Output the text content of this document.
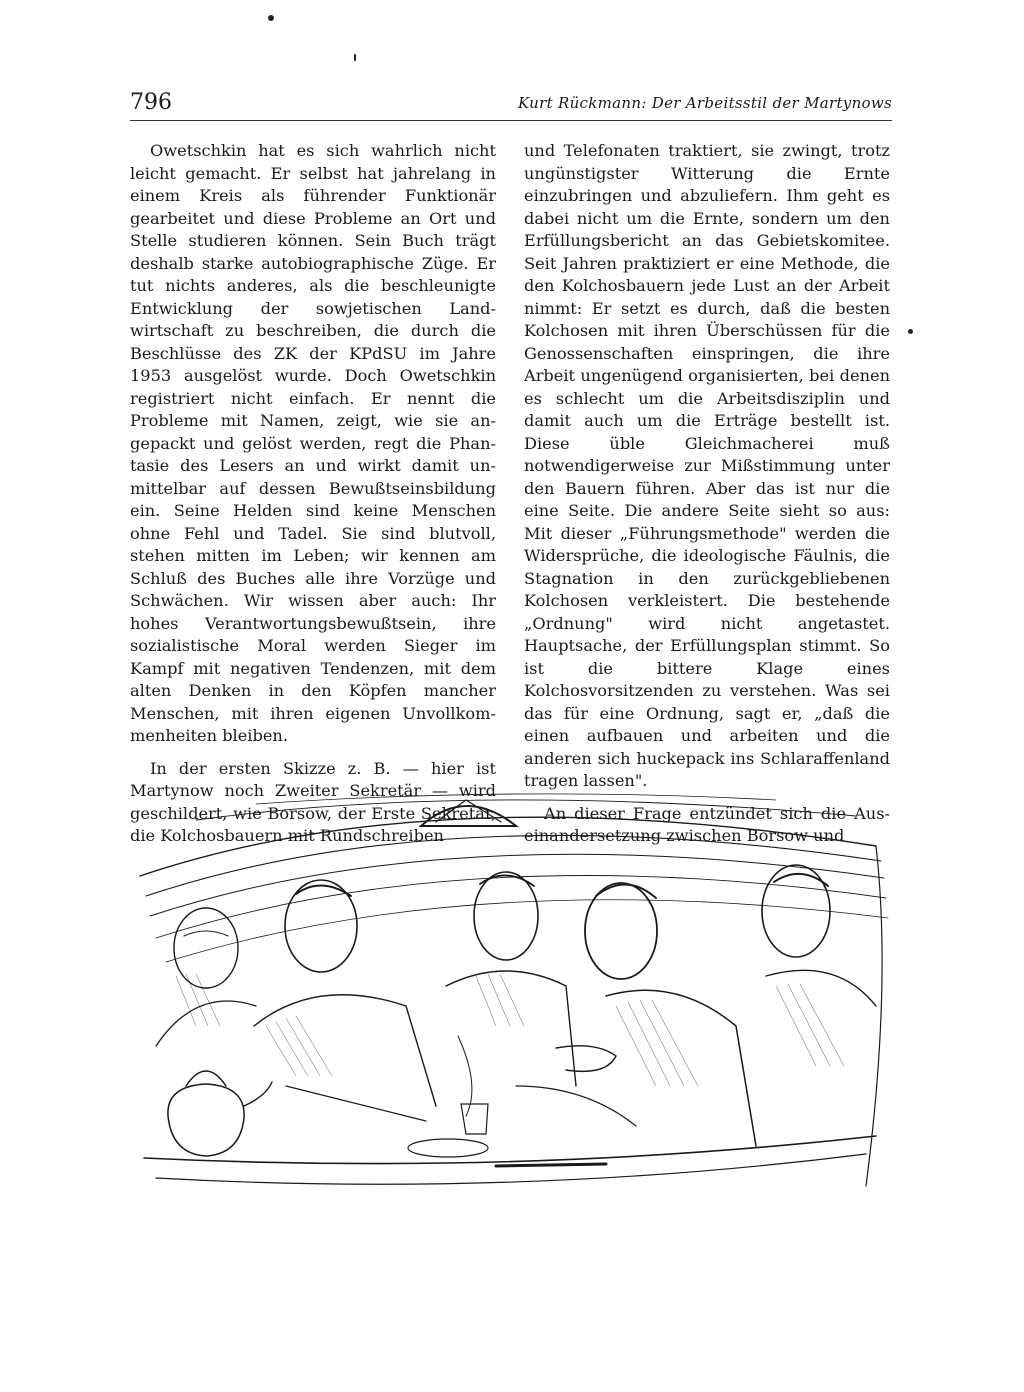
796	Kurt Rückmann: Der Arbeitsstil der Martynows

Owetschkin hat es sich wahrlich nicht leicht gemacht. Er selbst hat jahrelang in einem Kreis als führender Funktionär gearbeitet und diese Probleme an Ort und Stelle studieren können. Sein Buch trägt deshalb starke autobiographische Züge. Er tut nichts anderes, als die beschleunigte Entwicklung der sowjetischen Landwirtschaft zu beschreiben, die durch die Beschlüsse des ZK der KPdSU im Jahre 1953 ausgelöst wurde. Doch Owetschkin registriert nicht einfach. Er nennt die Probleme mit Namen, zeigt, wie sie angepackt und gelöst werden, regt die Phantasie des Lesers an und wirkt damit unmittelbar auf dessen Bewußtseinsbildung ein. Seine Helden sind keine Menschen ohne Fehl und Tadel. Sie sind blutvoll, stehen mitten im Leben; wir kennen am Schluß des Buches alle ihre Vorzüge und Schwächen. Wir wissen aber auch: Ihr hohes Verantwortungsbewußtsein, ihre sozialistische Moral werden Sieger im Kampf mit negativen Tendenzen, mit dem alten Denken in den Köpfen mancher Menschen, mit ihren eigenen Unvollkommenheiten bleiben.

In der ersten Skizze z. B. — hier ist Martynow noch Zweiter Sekretär — wird geschildert, wie Borsow, der Erste Sekretär, die Kolchosbauern mit Rundschreiben

und Telefonaten traktiert, sie zwingt, trotz ungünstigster Witterung die Ernte einzubringen und abzuliefern. Ihm geht es dabei nicht um die Ernte, sondern um den Erfüllungsbericht an das Gebietskomitee. Seit Jahren praktiziert er eine Methode, die den Kolchosbauern jede Lust an der Arbeit nimmt: Er setzt es durch, daß die besten Kolchosen mit ihren Überschüssen für die Genossenschaften einspringen, die ihre Arbeit ungenügend organisierten, bei denen es schlecht um die Arbeitsdisziplin und damit auch um die Erträge bestellt ist. Diese üble Gleichmacherei muß notwendigerweise zur Mißstimmung unter den Bauern führen. Aber das ist nur die eine Seite. Die andere Seite sieht so aus: Mit dieser „Führungsmethode" werden die Widersprüche, die ideologische Fäulnis, die Stagnation in den zurückgebliebenen Kolchosen verkleistert. Die bestehende „Ordnung" wird nicht angetastet. Hauptsache, der Erfüllungsplan stimmt. So ist die bittere Klage eines Kolchosvorsitzenden zu verstehen. Was sei das für eine Ordnung, sagt er, „daß die einen aufbauen und arbeiten und die anderen sich huckepack ins Schlaraffenland tragen lassen".

An dieser Frage entzündet sich die Auseinandersetzung zwischen Borsow und
